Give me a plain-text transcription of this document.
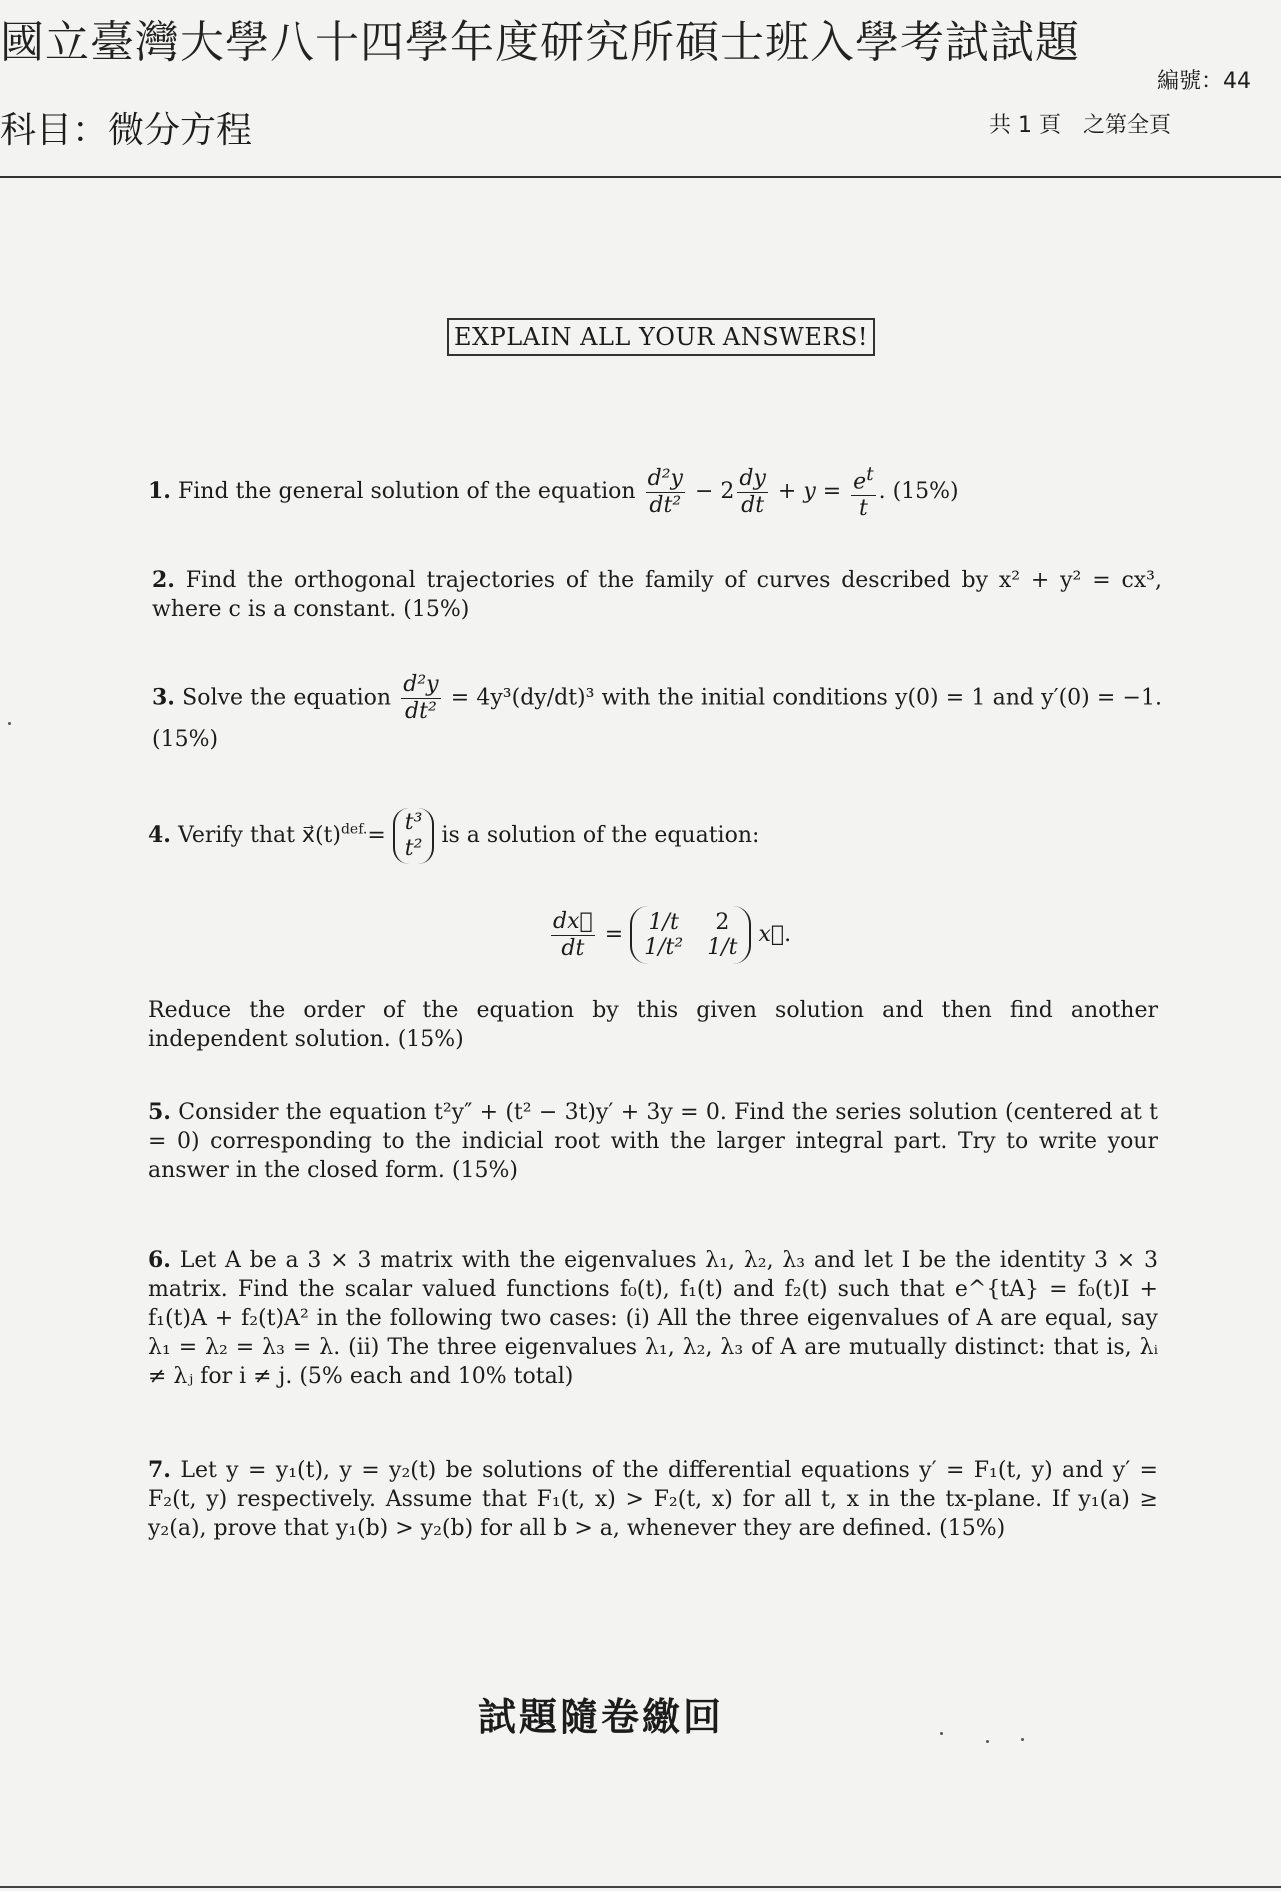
國立臺灣大學八十四學年度研究所碩士班入學考試試題
編號：44
科目：微分方程	共 1 頁　之第全頁
EXPLAIN ALL YOUR ANSWERS!
1. Find the general solution of the equation $\frac{\text{d²y}}{\text{dt²}} - 2 \frac{dy}{dt} + y = \frac{e^t}{t}$ . (15%)
2. Find the orthogonal trajectories of the family of curves described by x² + y² = cx³, where c is a constant. (15%)
3. Solve the equation $\frac{\text{d²y}}{\text{dt²}} = 4y^3(dy/dt)^3$ with the initial conditions y(0) = 1 and y′(0) = −1. (15%)
4. Verify that $x⃗(t)^{def.}=$
t³
t²
is a solution of the equation:
$\frac{dx⃗}{dt} = 1/t$	2
1/t² 1/t
x⃗.
Reduce the order of the equation by this given solution and then find another independent solution. (15%)
5. Consider the equation t²y″ + (t² − 3t)y′ + 3y = 0. Find the series solution (centered at t = 0) corresponding to the indicial root with the larger integral part. Try to write your answer in the closed form. (15%)
6. Let A be a 3 × 3 matrix with the eigenvalues λ₁, λ₂, λ₃ and let I be the identity 3 × 3 matrix. Find the scalar valued functions f₀(t), f₁(t) and f₂(t) such that e^{tA} = f₀(t)I + f₁(t)A + f₂(t)A² in the following two cases: (i) All the three eigenvalues of A are equal, say λ₁ = λ₂ = λ₃ = λ. (ii) The three eigenvalues λ₁, λ₂, λ₃ of A are mutually distinct: that is, λᵢ ≠ λⱼ for i ≠ j. (5% each and 10% total)
7. Let y = y₁(t), y = y₂(t) be solutions of the differential equations y′ = F₁(t, y) and y′ = F₂(t, y) respectively. Assume that F₁(t, x) > F₂(t, x) for all t, x in the tx-plane. If y₁(a) ≥ y₂(a), prove that y₁(b) > y₂(b) for all b > a, whenever they are defined. (15%)
試題隨卷繳回
